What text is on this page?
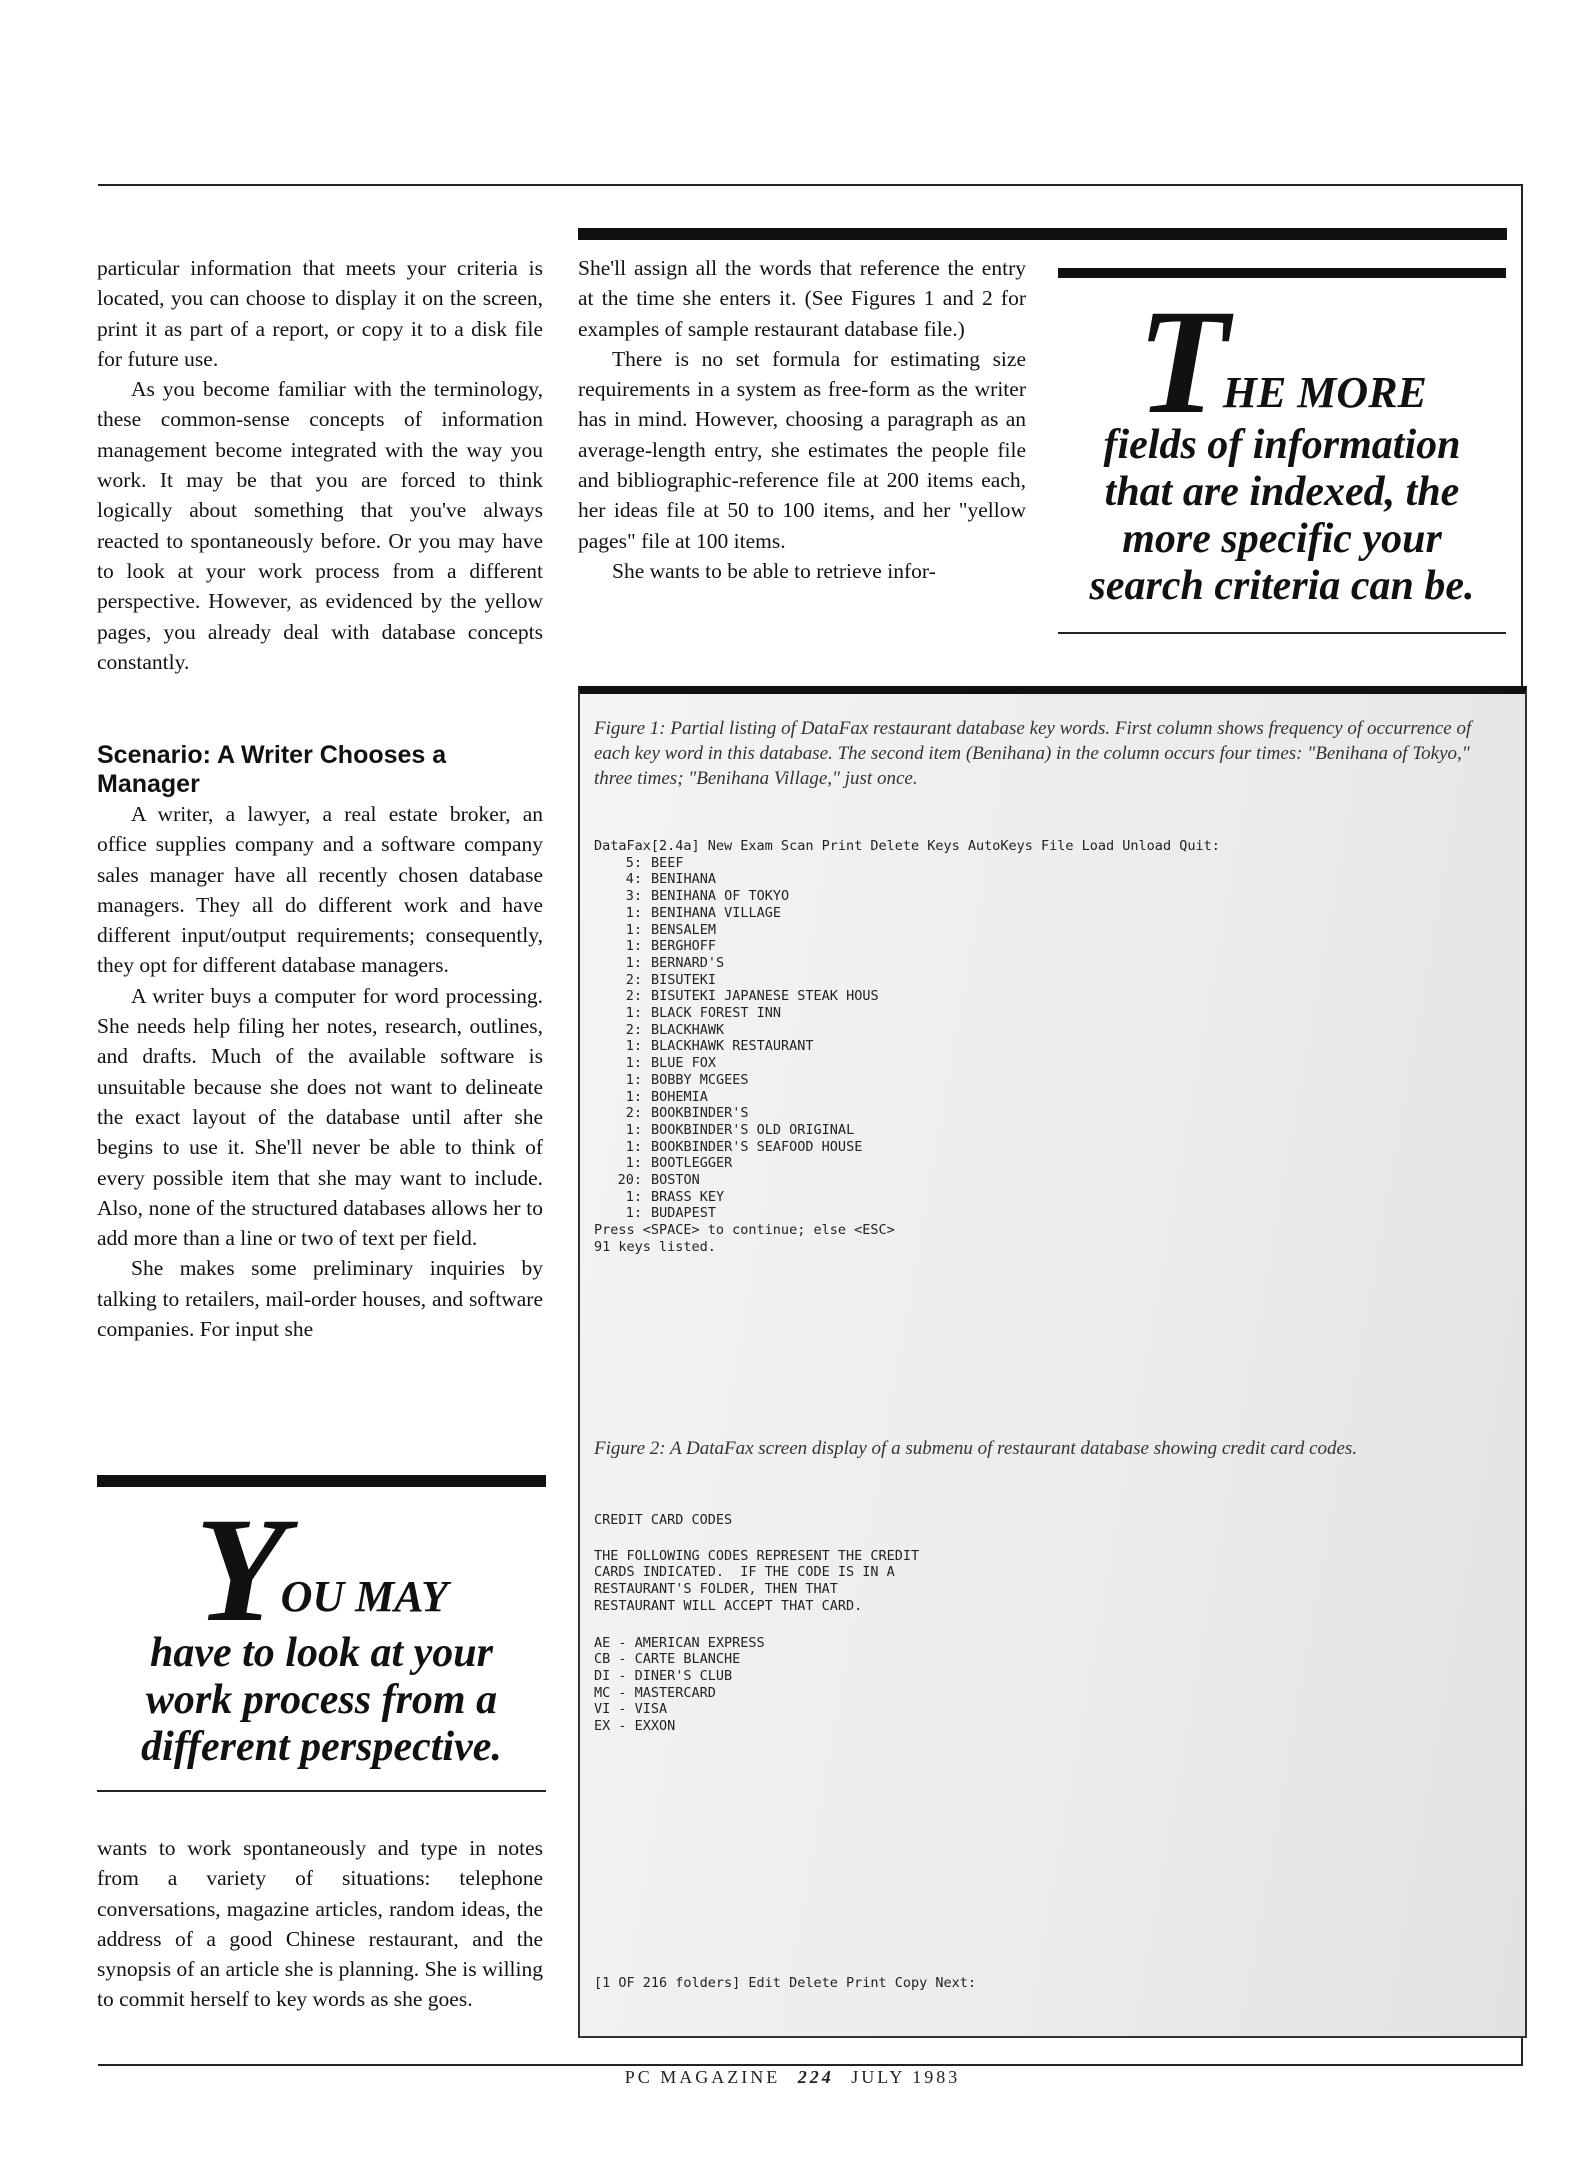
particular information that meets your criteria is located, you can choose to display it on the screen, print it as part of a report, or copy it to a disk file for future use.

As you become familiar with the terminology, these common-sense concepts of information management become integrated with the way you work. It may be that you are forced to think logically about something that you've always reacted to spontaneously before. Or you may have to look at your work process from a different perspective. However, as evidenced by the yellow pages, you already deal with database concepts constantly.

Scenario: A Writer Chooses a Manager

A writer, a lawyer, a real estate broker, an office supplies company and a software company sales manager have all recently chosen database managers. They all do different work and have different input/output requirements; consequently, they opt for different database managers.

A writer buys a computer for word processing. She needs help filing her notes, research, outlines, and drafts. Much of the available software is unsuitable because she does not want to delineate the exact layout of the database until after she begins to use it. She'll never be able to think of every possible item that she may want to include. Also, none of the structured databases allows her to add more than a line or two of text per field.

She makes some preliminary inquiries by talking to retailers, mail-order houses, and software companies. For input she

Y OU MAY
have to look at your
work process from a
different perspective.

wants to work spontaneously and type in notes from a variety of situations: telephone conversations, magazine articles, random ideas, the address of a good Chinese restaurant, and the synopsis of an article she is planning. She is willing to commit herself to key words as she goes.

She'll assign all the words that reference the entry at the time she enters it. (See Figures 1 and 2 for examples of sample restaurant database file.)

There is no set formula for estimating size requirements in a system as free-form as the writer has in mind. However, choosing a paragraph as an average-length entry, she estimates the people file and bibliographic-reference file at 200 items each, her ideas file at 50 to 100 items, and her "yellow pages" file at 100 items.

She wants to be able to retrieve infor-

T HE MORE
fields of information
that are indexed, the
more specific your
search criteria can be.
Figure 1: Partial listing of DataFax restaurant database key words. First column shows frequency of occurrence of each key word in this database. The second item (Benihana) in the column occurs four times: "Benihana of Tokyo," three times; "Benihana Village," just once.
DataFax[2.4a] New Exam Scan Print Delete Keys AutoKeys File Load Unload Quit:
5: BEEF
4: BENIHANA
3: BENIHANA OF TOKYO
1: BENIHANA VILLAGE
1: BENSALEM
1: BERGHOFF
1: BERNARD'S
2: BISUTEKI
2: BISUTEKI JAPANESE STEAK HOUS
1: BLACK FOREST INN
2: BLACKHAWK
1: BLACKHAWK RESTAURANT
1: BLUE FOX
1: BOBBY MCGEES
1: BOHEMIA
2: BOOKBINDER'S
1: BOOKBINDER'S OLD ORIGINAL
1: BOOKBINDER'S SEAFOOD HOUSE
1: BOOTLEGGER
20: BOSTON
1: BRASS KEY
1: BUDAPEST
Press <SPACE> to continue; else <ESC>
91 keys listed.
Figure 2: A DataFax screen display of a submenu of restaurant database showing credit card codes.
CREDIT CARD CODES
THE FOLLOWING CODES REPRESENT THE CREDIT
CARDS INDICATED.  IF THE CODE IS IN A
RESTAURANT'S FOLDER, THEN THAT
RESTAURANT WILL ACCEPT THAT CARD.
AE - AMERICAN EXPRESS
CB - CARTE BLANCHE
DI - DINER'S CLUB
MC - MASTERCARD
VI - VISA
EX - EXXON
[1 OF 216 folders] Edit Delete Print Copy Next:
PC MAGAZINE 224 JULY 1983
